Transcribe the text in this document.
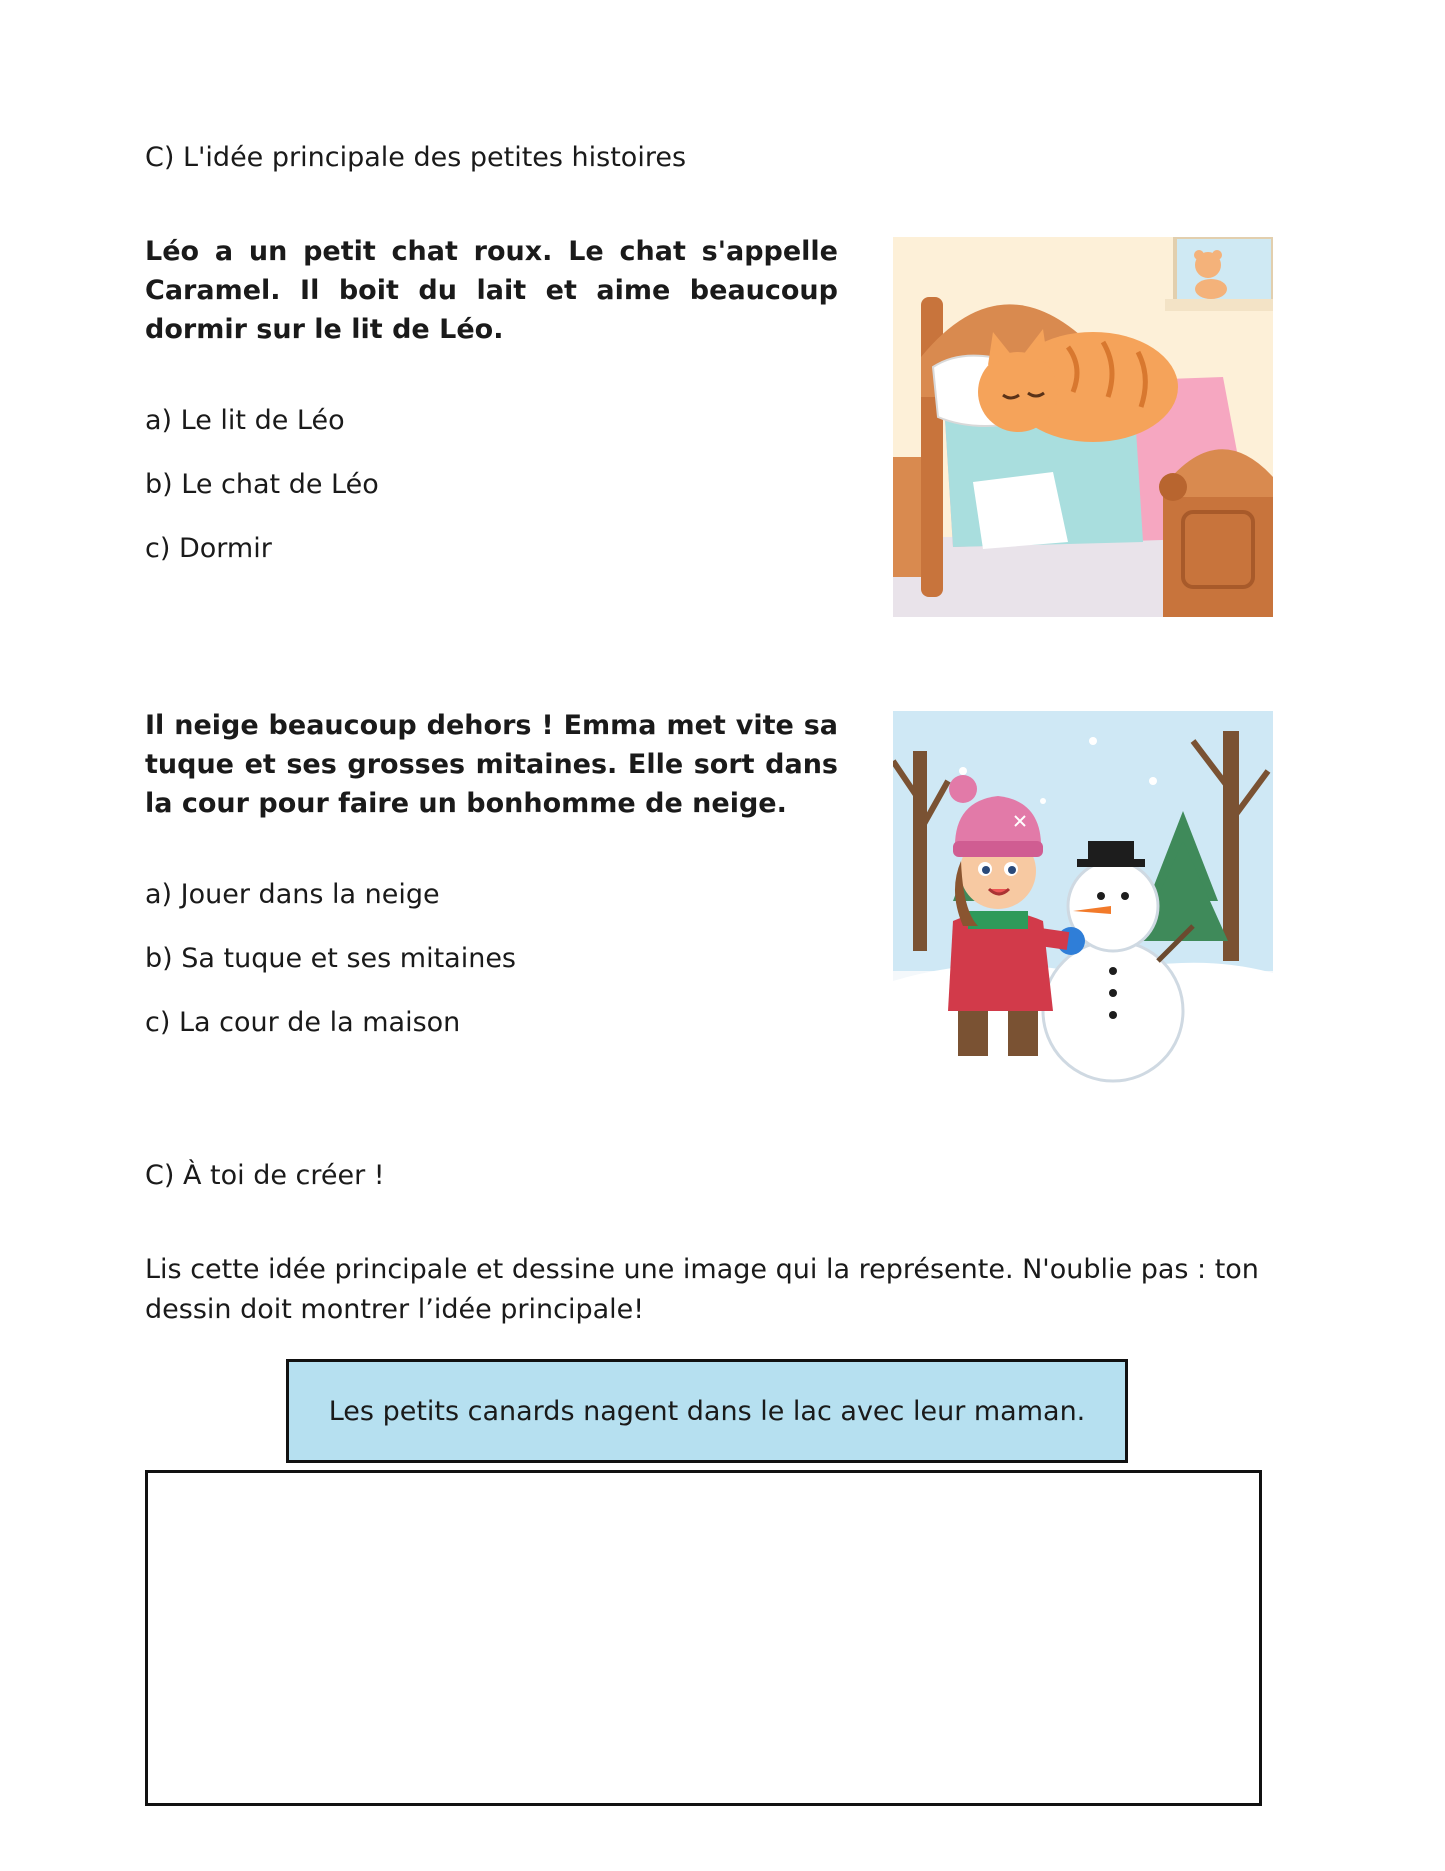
C) L'idée principale des petites histoires

Léo a un petit chat roux. Le chat s'appelle Caramel. Il boit du lait et aime beaucoup dormir sur le lit de Léo.

a) Le lit de Léo
b) Le chat de Léo
c) Dormir

Il neige beaucoup dehors ! Emma met vite sa tuque et ses grosses mitaines. Elle sort dans la cour pour faire un bonhomme de neige.

a) Jouer dans la neige
b) Sa tuque et ses mitaines
c) La cour de la maison
C) À toi de créer !

Lis cette idée principale et dessine une image qui la représente. N'oublie pas : ton dessin doit montrer l’idée principale!

Les petits canards nagent dans le lac avec leur maman.
